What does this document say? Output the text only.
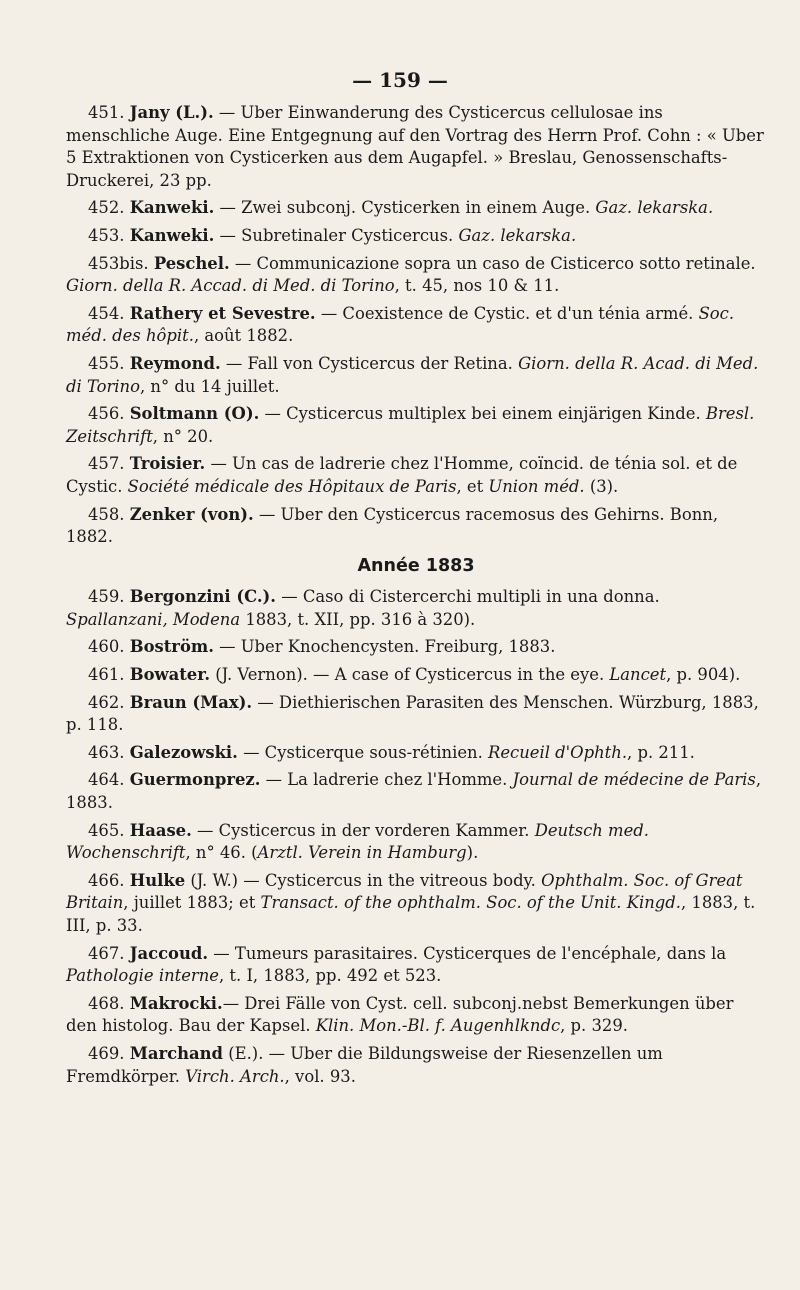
— 159 —

451. Jany (L.). — Uber Einwanderung des Cysticercus cellulosae ins menschliche Auge. Eine Entgegnung auf den Vortrag des Herrn Prof. Cohn : « Uber 5 Extraktionen von Cysticerken aus dem Augapfel. » Breslau, Genossenschafts-Druckerei, 23 pp.

452. Kanweki. — Zwei subconj. Cysticerken in einem Auge. Gaz. lekarska.

453. Kanweki. — Subretinaler Cysticercus. Gaz. lekarska.

453bis. Peschel. — Communicazione sopra un caso de Cisticerco sotto retinale. Giorn. della R. Accad. di Med. di Torino, t. 45, nos 10 & 11.

454. Rathery et Sevestre. — Coexistence de Cystic. et d'un ténia armé. Soc. méd. des hôpit., août 1882.

455. Reymond. — Fall von Cysticercus der Retina. Giorn. della R. Acad. di Med. di Torino, n° du 14 juillet.

456. Soltmann (O). — Cysticercus multiplex bei einem einjärigen Kinde. Bresl. Zeitschrift, n° 20.

457. Troisier. — Un cas de ladrerie chez l'Homme, coïncid. de ténia sol. et de Cystic. Société médicale des Hôpitaux de Paris, et Union méd. (3).

458. Zenker (von). — Uber den Cysticercus racemosus des Gehirns. Bonn, 1882.

Année 1883

459. Bergonzini (C.). — Caso di Cistercerchi multipli in una donna. Spallanzani, Modena 1883, t. XII, pp. 316 à 320).

460. Boström. — Uber Knochencysten. Freiburg, 1883.

461. Bowater. (J. Vernon). — A case of Cysticercus in the eye. Lancet, p. 904).

462. Braun (Max). — Diethierischen Parasiten des Menschen. Würzburg, 1883, p. 118.

463. Galezowski. — Cysticerque sous-rétinien. Recueil d'Ophth., p. 211.

464. Guermonprez. — La ladrerie chez l'Homme. Journal de médecine de Paris, 1883.

465. Haase. — Cysticercus in der vorderen Kammer. Deutsch med. Wochenschrift, n° 46. (Arztl. Verein in Hamburg).

466. Hulke (J. W.) — Cysticercus in the vitreous body. Ophthalm. Soc. of Great Britain, juillet 1883; et Transact. of the ophthalm. Soc. of the Unit. Kingd., 1883, t. III, p. 33.

467. Jaccoud. — Tumeurs parasitaires. Cysticerques de l'encéphale, dans la Pathologie interne, t. I, 1883, pp. 492 et 523.

468. Makrocki.— Drei Fälle von Cyst. cell. subconj.nebst Bemerkungen über den histolog. Bau der Kapsel. Klin. Mon.-Bl. f. Augenhlkndc, p. 329.

469. Marchand (E.). — Uber die Bildungsweise der Riesenzellen um Fremdkörper. Virch. Arch., vol. 93.
